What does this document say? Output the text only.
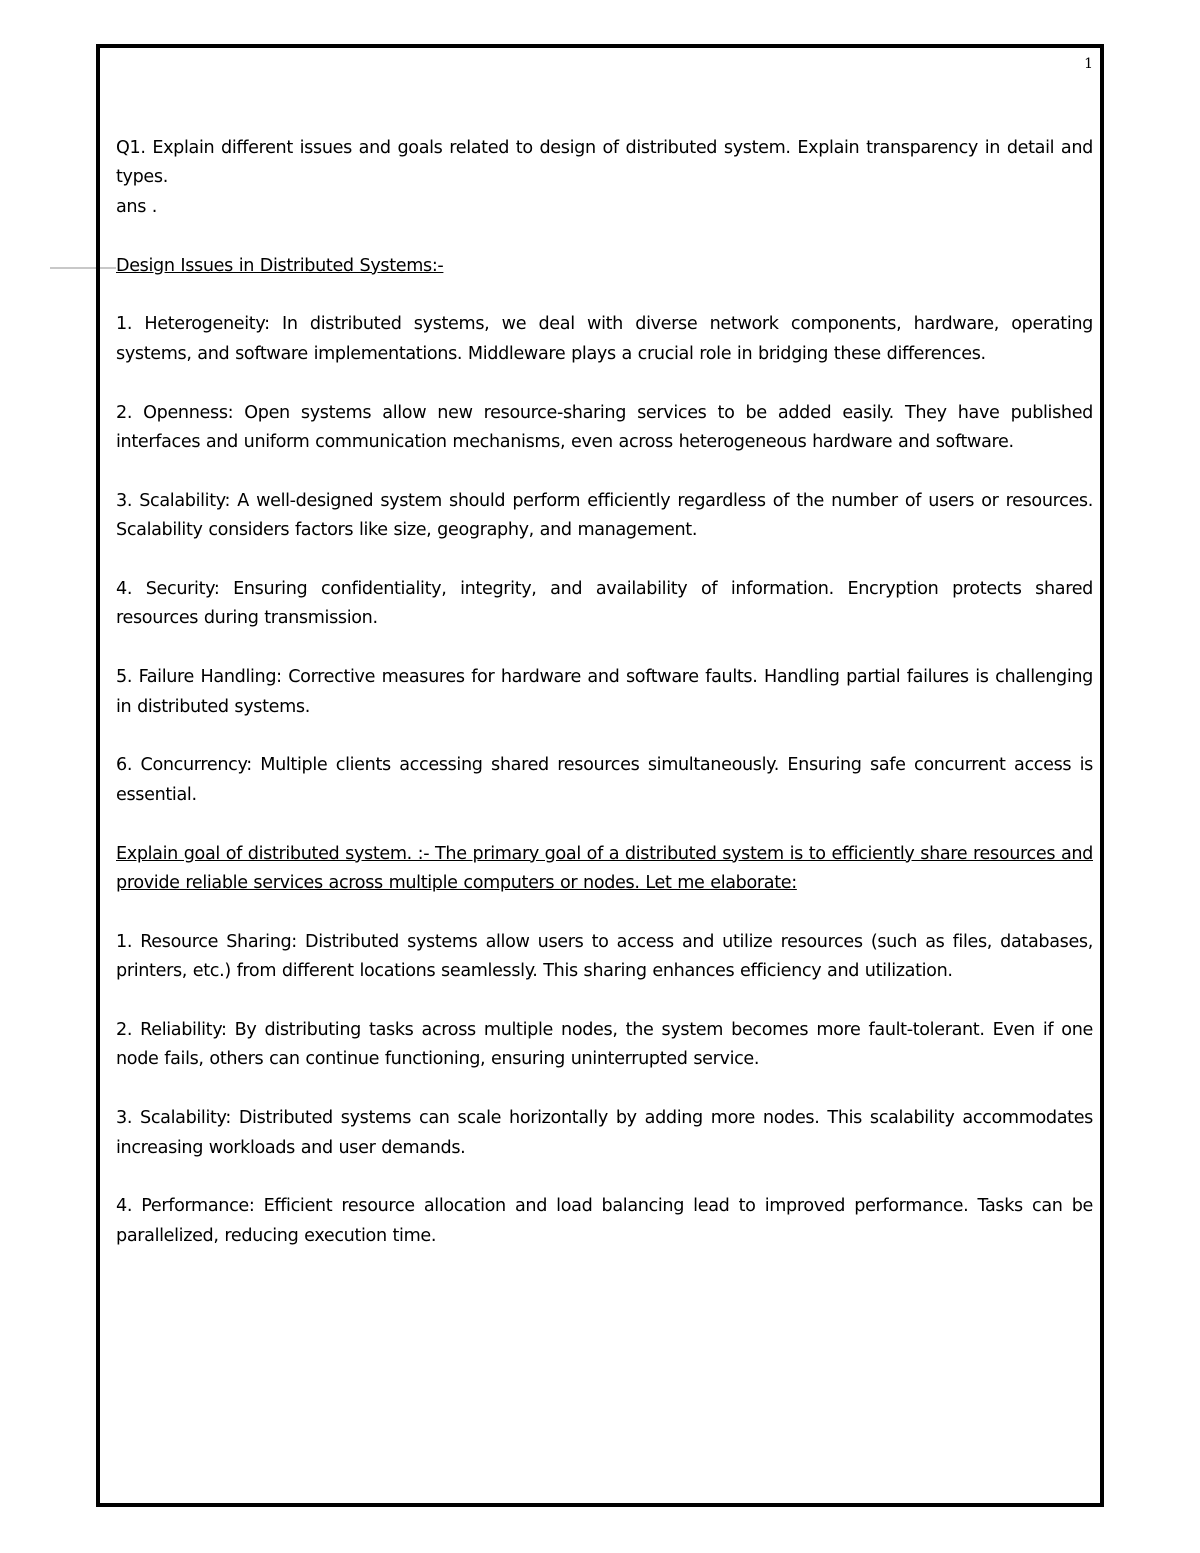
1

Q1. Explain different issues and goals related to design of distributed system. Explain transparency in detail and types.

ans .

Design Issues in Distributed Systems:-

1. Heterogeneity: In distributed systems, we deal with diverse network components, hardware, operating systems, and software implementations. Middleware plays a crucial role in bridging these differences.

2. Openness: Open systems allow new resource-sharing services to be added easily. They have published interfaces and uniform communication mechanisms, even across heterogeneous hardware and software.

3. Scalability: A well-designed system should perform efficiently regardless of the number of users or resources. Scalability considers factors like size, geography, and management.

4. Security: Ensuring confidentiality, integrity, and availability of information. Encryption protects shared resources during transmission.

5. Failure Handling: Corrective measures for hardware and software faults. Handling partial failures is challenging in distributed systems.

6. Concurrency: Multiple clients accessing shared resources simultaneously. Ensuring safe concurrent access is essential.

Explain goal of distributed system. :- The primary goal of a distributed system is to efficiently share resources and provide reliable services across multiple computers or nodes. Let me elaborate:

1. Resource Sharing: Distributed systems allow users to access and utilize resources (such as files, databases, printers, etc.) from different locations seamlessly. This sharing enhances efficiency and utilization.

2. Reliability: By distributing tasks across multiple nodes, the system becomes more fault-tolerant. Even if one node fails, others can continue functioning, ensuring uninterrupted service.

3. Scalability: Distributed systems can scale horizontally by adding more nodes. This scalability accommodates increasing workloads and user demands.

4. Performance: Efficient resource allocation and load balancing lead to improved performance. Tasks can be parallelized, reducing execution time.
